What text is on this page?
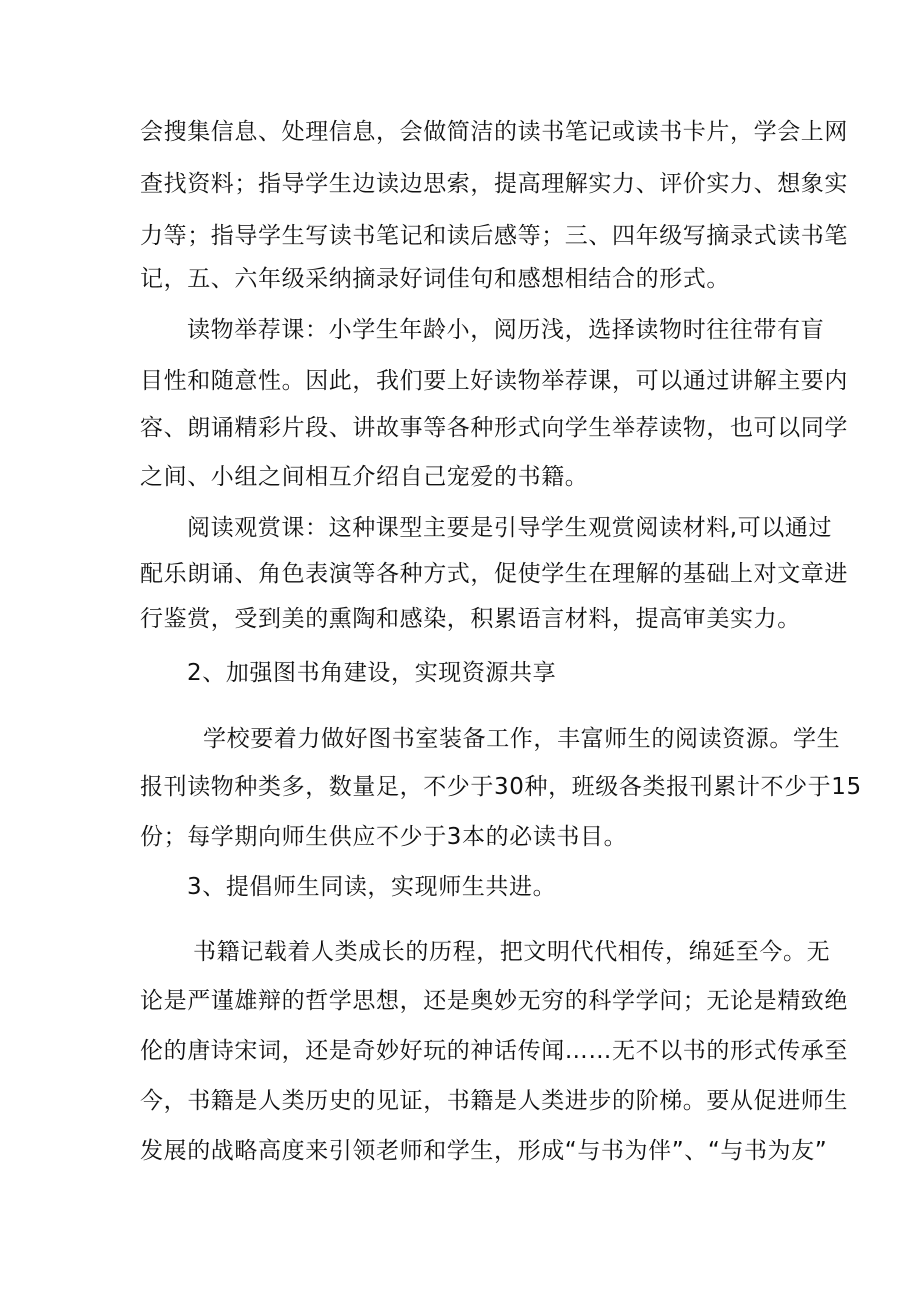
会搜集信息、处理信息，会做简洁的读书笔记或读书卡片，学会上网
查找资料；指导学生边读边思索，提高理解实力、评价实力、想象实
力等；指导学生写读书笔记和读后感等；三、四年级写摘录式读书笔
记，五、六年级采纳摘录好词佳句和感想相结合的形式。
读物举荐课：小学生年龄小，阅历浅，选择读物时往往带有盲
目性和随意性。因此，我们要上好读物举荐课，可以通过讲解主要内
容、朗诵精彩片段、讲故事等各种形式向学生举荐读物，也可以同学
之间、小组之间相互介绍自己宠爱的书籍。
阅读观赏课：这种课型主要是引导学生观赏阅读材料,可以通过
配乐朗诵、角色表演等各种方式，促使学生在理解的基础上对文章进
行鉴赏，受到美的熏陶和感染，积累语言材料，提高审美实力。
2、加强图书角建设，实现资源共享
学校要着力做好图书室装备工作，丰富师生的阅读资源。学生
报刊读物种类多，数量足，不少于30种，班级各类报刊累计不少于15
份；每学期向师生供应不少于3本的必读书目。
3、提倡师生同读，实现师生共进。
书籍记载着人类成长的历程，把文明代代相传，绵延至今。无
论是严谨雄辩的哲学思想，还是奥妙无穷的科学学问；无论是精致绝
伦的唐诗宋词，还是奇妙好玩的神话传闻……无不以书的形式传承至
今，书籍是人类历史的见证，书籍是人类进步的阶梯。要从促进师生
发展的战略高度来引领老师和学生，形成“与书为伴”、“与书为友”
